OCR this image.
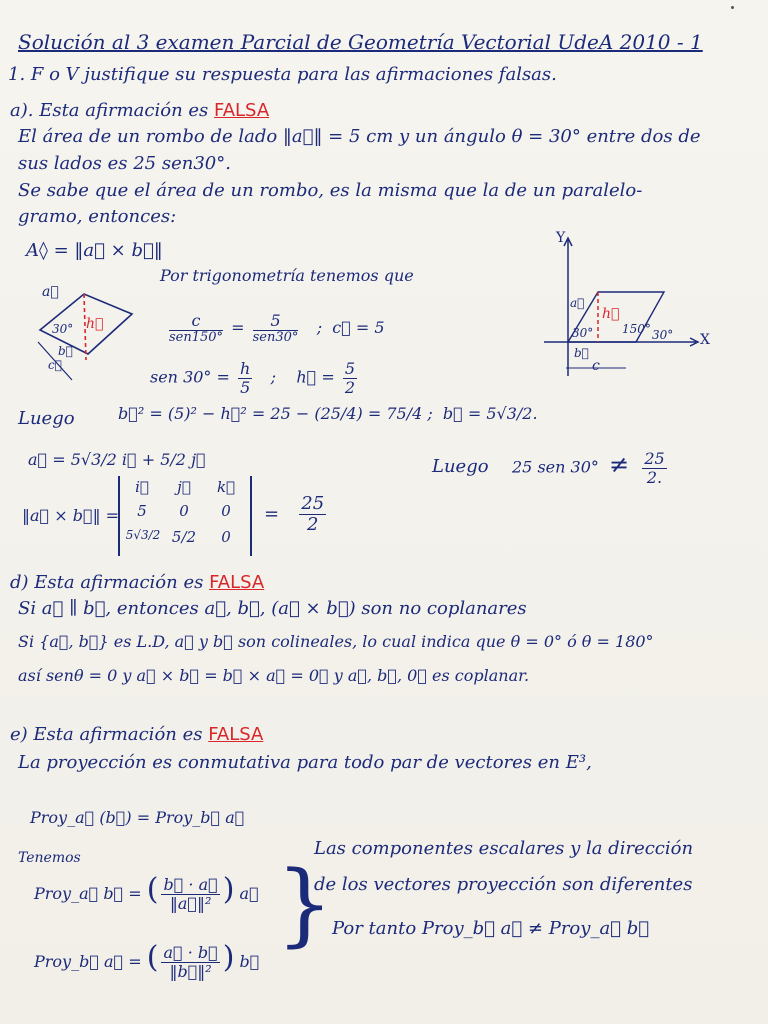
Solución al 3 examen Parcial de Geometría Vectorial UdeA 2010 - 1
1. F o V justifique su respuesta para las afirmaciones falsas.
a). Esta afirmación es FALSA
El área de un rombo de lado ‖a⃗‖ = 5 cm y un ángulo θ = 30° entre dos de
sus lados es 25 sen30°.
Se sabe que el área de un rombo, es la misma que la de un paralelo-
gramo, entonces:
A◊ = ‖a⃗ × b⃗‖
Por trigonometría tenemos que
a⃗
30° h⃗
b⃗
c⃗
$\frac{c}{\text{sen150°}} = \frac{5}{\text{sen30°}}$ ; c⃗ = 5
sen $30^\circ = \frac{h}{5}$ ; h⃗ = $\frac{5}{2}$
Y
X
a⃗
h⃗
30° 150° 30°
b⃗
c
Luego	b⃗² = (5)² − h⃗² = 25 − (25/4) = 75/4 ; b⃗ = 5√3/2.
a⃗ = 5√3/2 i⃗ + 5/2 j⃗
‖a⃗ × b⃗‖ =
i⃗	j⃗	k⃗
5	0	0
5√3/2 5/2	0
= $\frac{25}{2}$
Luego 25 sen $30^\circ \ne \frac{25}{2.}$
d) Esta afirmación es FALSA
Si a⃗ ∥ b⃗, entonces a⃗, b⃗, (a⃗ × b⃗) son no coplanares
Si {a⃗, b⃗} es L.D, a⃗ y b⃗ son colineales, lo cual indica que θ = 0° ó θ = 180°
así senθ = 0 y a⃗ × b⃗ = b⃗ × a⃗ = 0⃗ y a⃗, b⃗, 0⃗ es coplanar.
e) Esta afirmación es FALSA
La proyección es conmutativa para todo par de vectores en E³,
Proy_a⃗ (b⃗) = Proy_b⃗ a⃗
Tenemos
Proy_a⃗ b⃗ = ( $\frac{b⃗ \cdot a⃗}{\text{‖a⃗‖²}}$ ) a⃗
Proy_b⃗ a⃗ = ( $\frac{a⃗ \cdot b⃗}{\text{‖b⃗‖²}}$ ) b⃗
}
Las componentes escalares y la dirección
de los vectores proyección son diferentes
Por tanto Proy_b⃗ a⃗ ≠ Proy_a⃗ b⃗
